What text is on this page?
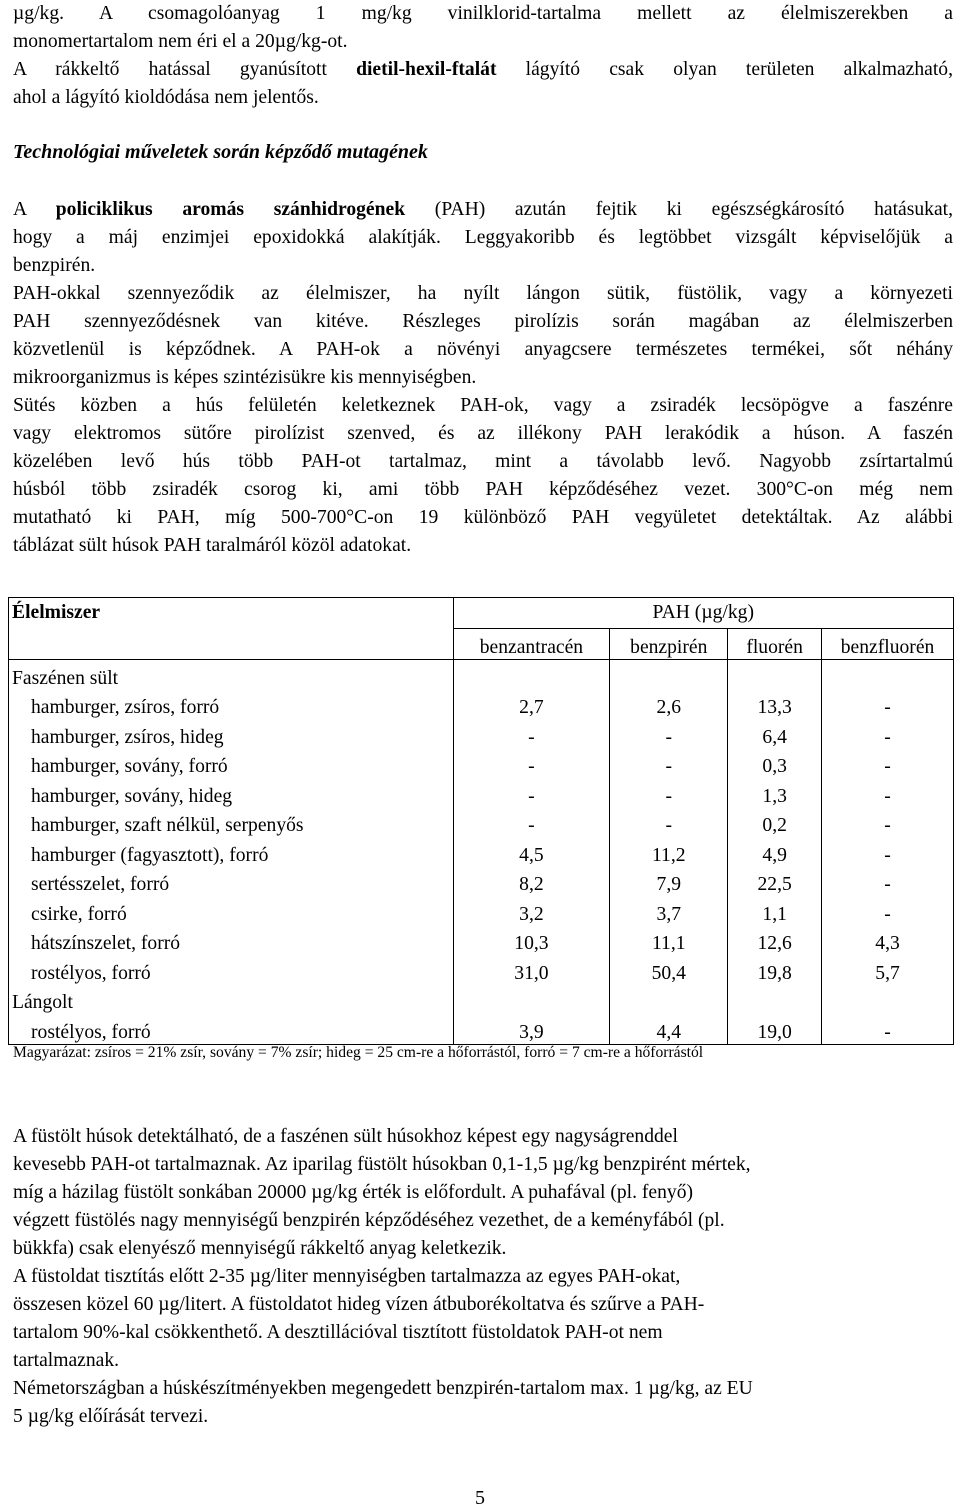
µg/kg. A csomagolóanyag 1 mg/kg vinilklorid-tartalma mellett az élelmiszerekben a

monomertartalom nem éri el a 20µg/kg-ot.

A rákkeltő hatással gyanúsított dietil-hexil-ftalát lágyító csak olyan területen alkalmazható,

ahol a lágyító kioldódása nem jelentős.

Technológiai műveletek során képződő mutagének

A policiklikus aromás szánhidrogének (PAH) azután fejtik ki egészségkárosító hatásukat,

hogy a máj enzimjei epoxidokká alakítják. Leggyakoribb és legtöbbet vizsgált képviselőjük a

benzpirén.

PAH-okkal szennyeződik az élelmiszer, ha nyílt lángon sütik, füstölik, vagy a környezeti

PAH szennyeződésnek van kitéve. Részleges pirolízis során magában az élelmiszerben

közvetlenül is képződnek. A PAH-ok a növényi anyagcsere természetes termékei, sőt néhány

mikroorganizmus is képes szintézisükre kis mennyiségben.

Sütés közben a hús felületén keletkeznek PAH-ok, vagy a zsiradék lecsöpögve a faszénre

vagy elektromos sütőre pirolízist szenved, és az illékony PAH lerakódik a húson. A faszén

közelében levő hús több PAH-ot tartalmaz, mint a távolabb levő. Nagyobb zsírtartalmú

húsból több zsiradék csorog ki, ami több PAH képződéséhez vezet. 300°C-on még nem

mutatható ki PAH, míg 500-700°C-on 19 különböző PAH vegyületet detektáltak. Az alábbi

táblázat sült húsok PAH taralmáról közöl adatokat.

Élelmiszer	PAH (µg/kg)			
	benzantracén	benzpirén	fluorén	benzfluorén
Faszénen sült				
hamburger, zsíros, forró	2,7	2,6	13,3	-
hamburger, zsíros, hideg	-	-	6,4	-
hamburger, sovány, forró	-	-	0,3	-
hamburger, sovány, hideg	-	-	1,3	-
hamburger, szaft nélkül, serpenyős	-	-	0,2	-
hamburger (fagyasztott), forró	4,5	11,2	4,9	-
sertésszelet, forró	8,2	7,9	22,5	-
csirke, forró	3,2	3,7	1,1	-
hátszínszelet, forró	10,3	11,1	12,6	4,3
rostélyos, forró	31,0	50,4	19,8	5,7
Lángolt				
rostélyos, forró	3,9	4,4	19,0	-
Magyarázat: zsíros = 21% zsír, sovány = 7% zsír; hideg = 25 cm-re a hőforrástól, forró = 7 cm-re a hőforrástól

A füstölt húsok detektálható, de a faszénen sült húsokhoz képest egy nagyságrenddel

kevesebb PAH-ot tartalmaznak. Az iparilag füstölt húsokban 0,1-1,5 µg/kg benzpirént mértek,

míg a házilag füstölt sonkában 20000 µg/kg érték is előfordult. A puhafával (pl. fenyő)

végzett füstölés nagy mennyiségű benzpirén képződéséhez vezethet, de a keményfából (pl.

bükkfa) csak elenyésző mennyiségű rákkeltő anyag keletkezik.

A füstoldat tisztítás előtt 2-35 µg/liter mennyiségben tartalmazza az egyes PAH-okat,

összesen közel 60 µg/litert. A füstoldatot hideg vízen átbuborékoltatva és szűrve a PAH-

tartalom 90%-kal csökkenthető. A desztillációval tisztított füstoldatok PAH-ot nem

tartalmaznak.

Németországban a húskészítményekben megengedett benzpirén-tartalom max. 1 µg/kg, az EU

5 µg/kg előírását tervezi.

5
